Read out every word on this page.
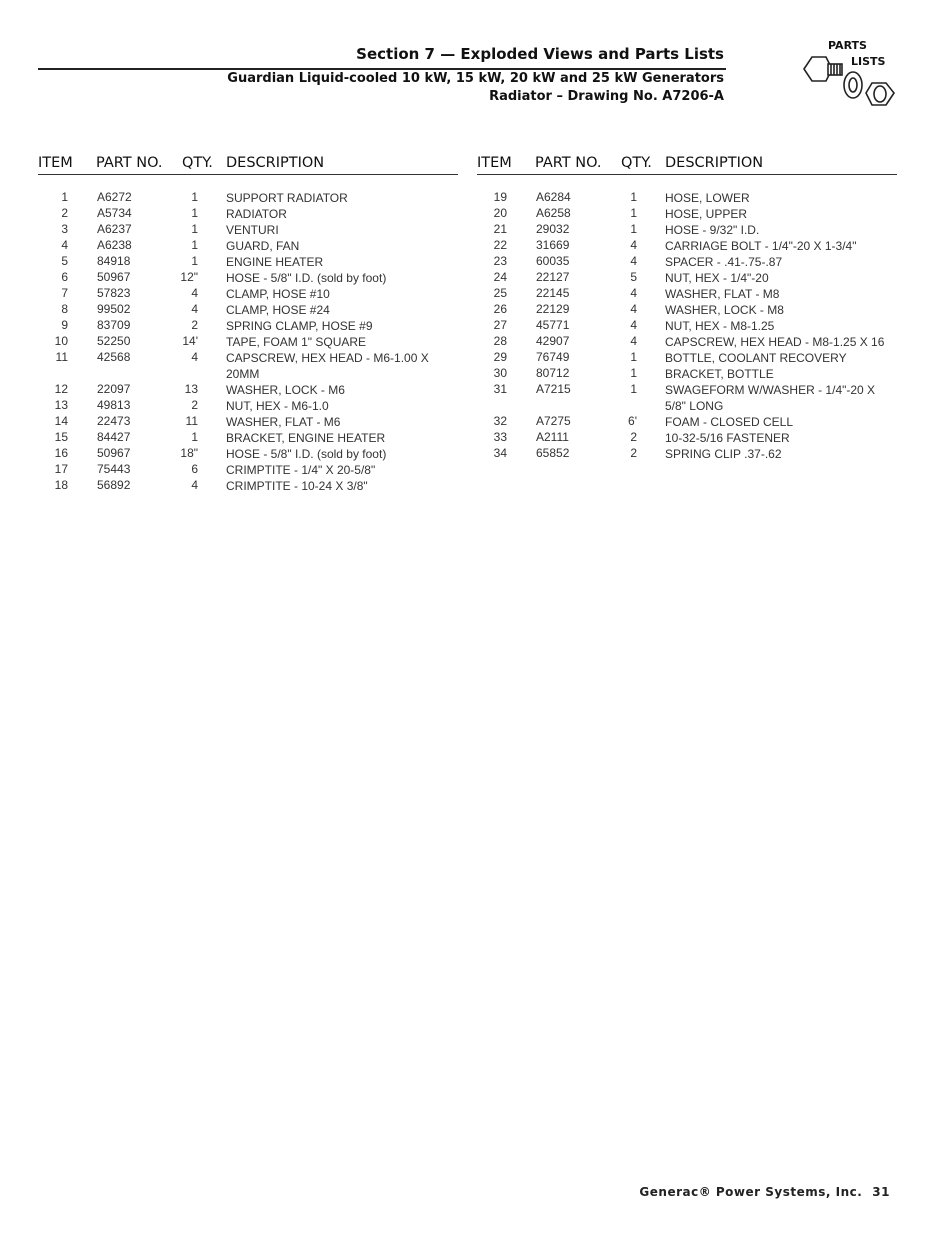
Section 7 — Exploded Views and Parts Lists
Guardian Liquid-cooled 10 kW, 15 kW, 20 kW and 25 kW Generators
Radiator – Drawing No. A7206-A
PARTS
LISTS
ITEM PART NO. QTY. DESCRIPTION
1 A6272	1 SUPPORT RADIATOR
2 A5734	1 RADIATOR
3 A6237	1 VENTURI
4 A6238	1 GUARD, FAN
5 84918	1 ENGINE HEATER
6 50967	12" HOSE - 5/8" I.D. (sold by foot)
7 57823	4 CLAMP, HOSE #10
8 99502	4 CLAMP, HOSE #24
9 83709	2 SPRING CLAMP, HOSE #9
10 52250	14' TAPE, FOAM 1" SQUARE
11 42568	4 CAPSCREW, HEX HEAD - M6-1.00 X 20MM
12 22097	13 WASHER, LOCK - M6
13 49813	2 NUT, HEX - M6-1.0
14 22473	11 WASHER, FLAT - M6
15 84427	1 BRACKET, ENGINE HEATER
16 50967	18" HOSE - 5/8" I.D. (sold by foot)
17 75443	6 CRIMPTITE - 1/4" X 20-5/8"
18 56892	4 CRIMPTITE - 10-24 X 3/8"
ITEM PART NO. QTY. DESCRIPTION
19 A6284	1 HOSE, LOWER
20 A6258	1 HOSE, UPPER
21 29032	1 HOSE - 9/32" I.D.
22 31669	4 CARRIAGE BOLT - 1/4"-20 X 1-3/4"
23 60035	4 SPACER - .41-.75-.87
24 22127	5 NUT, HEX - 1/4"-20
25 22145	4 WASHER, FLAT - M8
26 22129	4 WASHER, LOCK - M8
27 45771	4 NUT, HEX - M8-1.25
28 42907	4 CAPSCREW, HEX HEAD - M8-1.25 X 16
29 76749	1 BOTTLE, COOLANT RECOVERY
30 80712	1 BRACKET, BOTTLE
31 A7215	1 SWAGEFORM W/WASHER - 1/4"-20 X 5/8" LONG
32 A7275	6' FOAM - CLOSED CELL
33 A2111	2 10-32-5/16 FASTENER
34 65852	2 SPRING CLIP .37-.62
Generac® Power Systems, Inc. 31
